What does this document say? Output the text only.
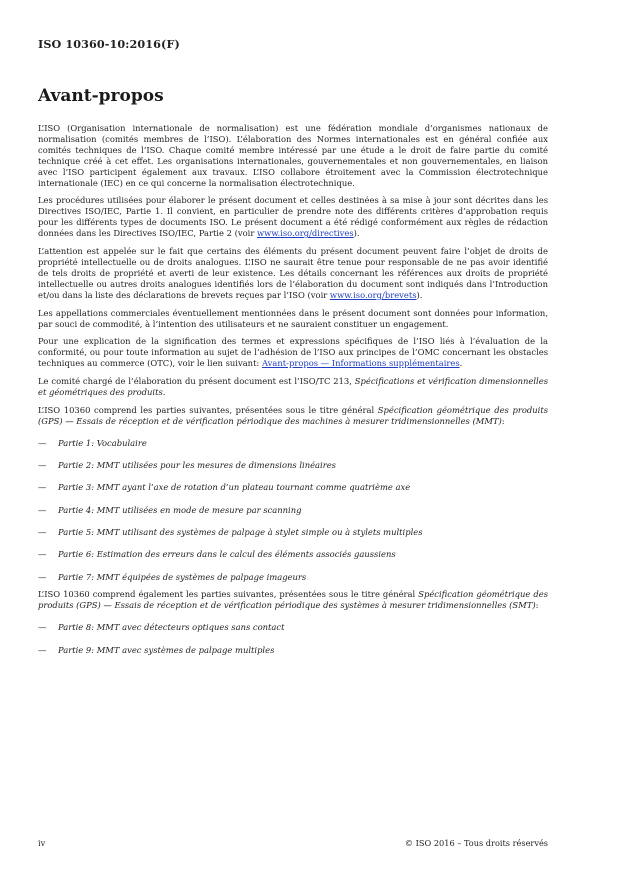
ISO 10360-10:2016(F)
Avant-propos

L’ISO (Organisation internationale de normalisation) est une fédération mondiale d’organismes nationaux de normalisation (comités membres de l’ISO). L’élaboration des Normes internationales est en général confiée aux comités techniques de l’ISO. Chaque comité membre intéressé par une étude a le droit de faire partie du comité technique créé à cet effet. Les organisations internationales, gouvernementales et non gouvernementales, en liaison avec l’ISO participent également aux travaux. L’ISO collabore étroitement avec la Commission électrotechnique internationale (IEC) en ce qui concerne la normalisation électrotechnique.

Les procédures utilisées pour élaborer le présent document et celles destinées à sa mise à jour sont décrites dans les Directives ISO/IEC, Partie 1. Il convient, en particulier de prendre note des différents critères d’approbation requis pour les différents types de documents ISO. Le présent document a été rédigé conformément aux règles de rédaction données dans les Directives ISO/IEC, Partie 2 (voir www.iso.org/directives).

L’attention est appelée sur le fait que certains des éléments du présent document peuvent faire l’objet de droits de propriété intellectuelle ou de droits analogues. L’ISO ne saurait être tenue pour responsable de ne pas avoir identifié de tels droits de propriété et averti de leur existence. Les détails concernant les références aux droits de propriété intellectuelle ou autres droits analogues identifiés lors de l’élaboration du document sont indiqués dans l’Introduction et/ou dans la liste des déclarations de brevets reçues par l’ISO (voir www.iso.org/brevets).

Les appellations commerciales éventuellement mentionnées dans le présent document sont données pour information, par souci de commodité, à l’intention des utilisateurs et ne sauraient constituer un engagement.

Pour une explication de la signification des termes et expressions spécifiques de l’ISO liés à l’évaluation de la conformité, ou pour toute information au sujet de l’adhésion de l’ISO aux principes de l’OMC concernant les obstacles techniques au commerce (OTC), voir le lien suivant: Avant-propos — Informations supplémentaires.

Le comité chargé de l’élaboration du présent document est l’ISO/TC 213, Spécifications et vérification dimensionnelles et géométriques des produits.

L’ISO 10360 comprend les parties suivantes, présentées sous le titre général Spécification géométrique des produits (GPS) — Essais de réception et de vérification périodique des machines à mesurer tridimensionnelles (MMT):

— Partie 1: Vocabulaire
— Partie 2: MMT utilisées pour les mesures de dimensions linéaires
— Partie 3: MMT ayant l’axe de rotation d’un plateau tournant comme quatrième axe
— Partie 4: MMT utilisées en mode de mesure par scanning
— Partie 5: MMT utilisant des systèmes de palpage à stylet simple ou à stylets multiples
— Partie 6: Estimation des erreurs dans le calcul des éléments associés gaussiens
— Partie 7: MMT équipées de systèmes de palpage imageurs

L’ISO 10360 comprend également les parties suivantes, présentées sous le titre général Spécification géométrique des produits (GPS) — Essais de réception et de vérification périodique des systèmes à mesurer tridimensionnelles (SMT):

— Partie 8: MMT avec détecteurs optiques sans contact
— Partie 9: MMT avec systèmes de palpage multiples
iv	© ISO 2016 – Tous droits réservés
